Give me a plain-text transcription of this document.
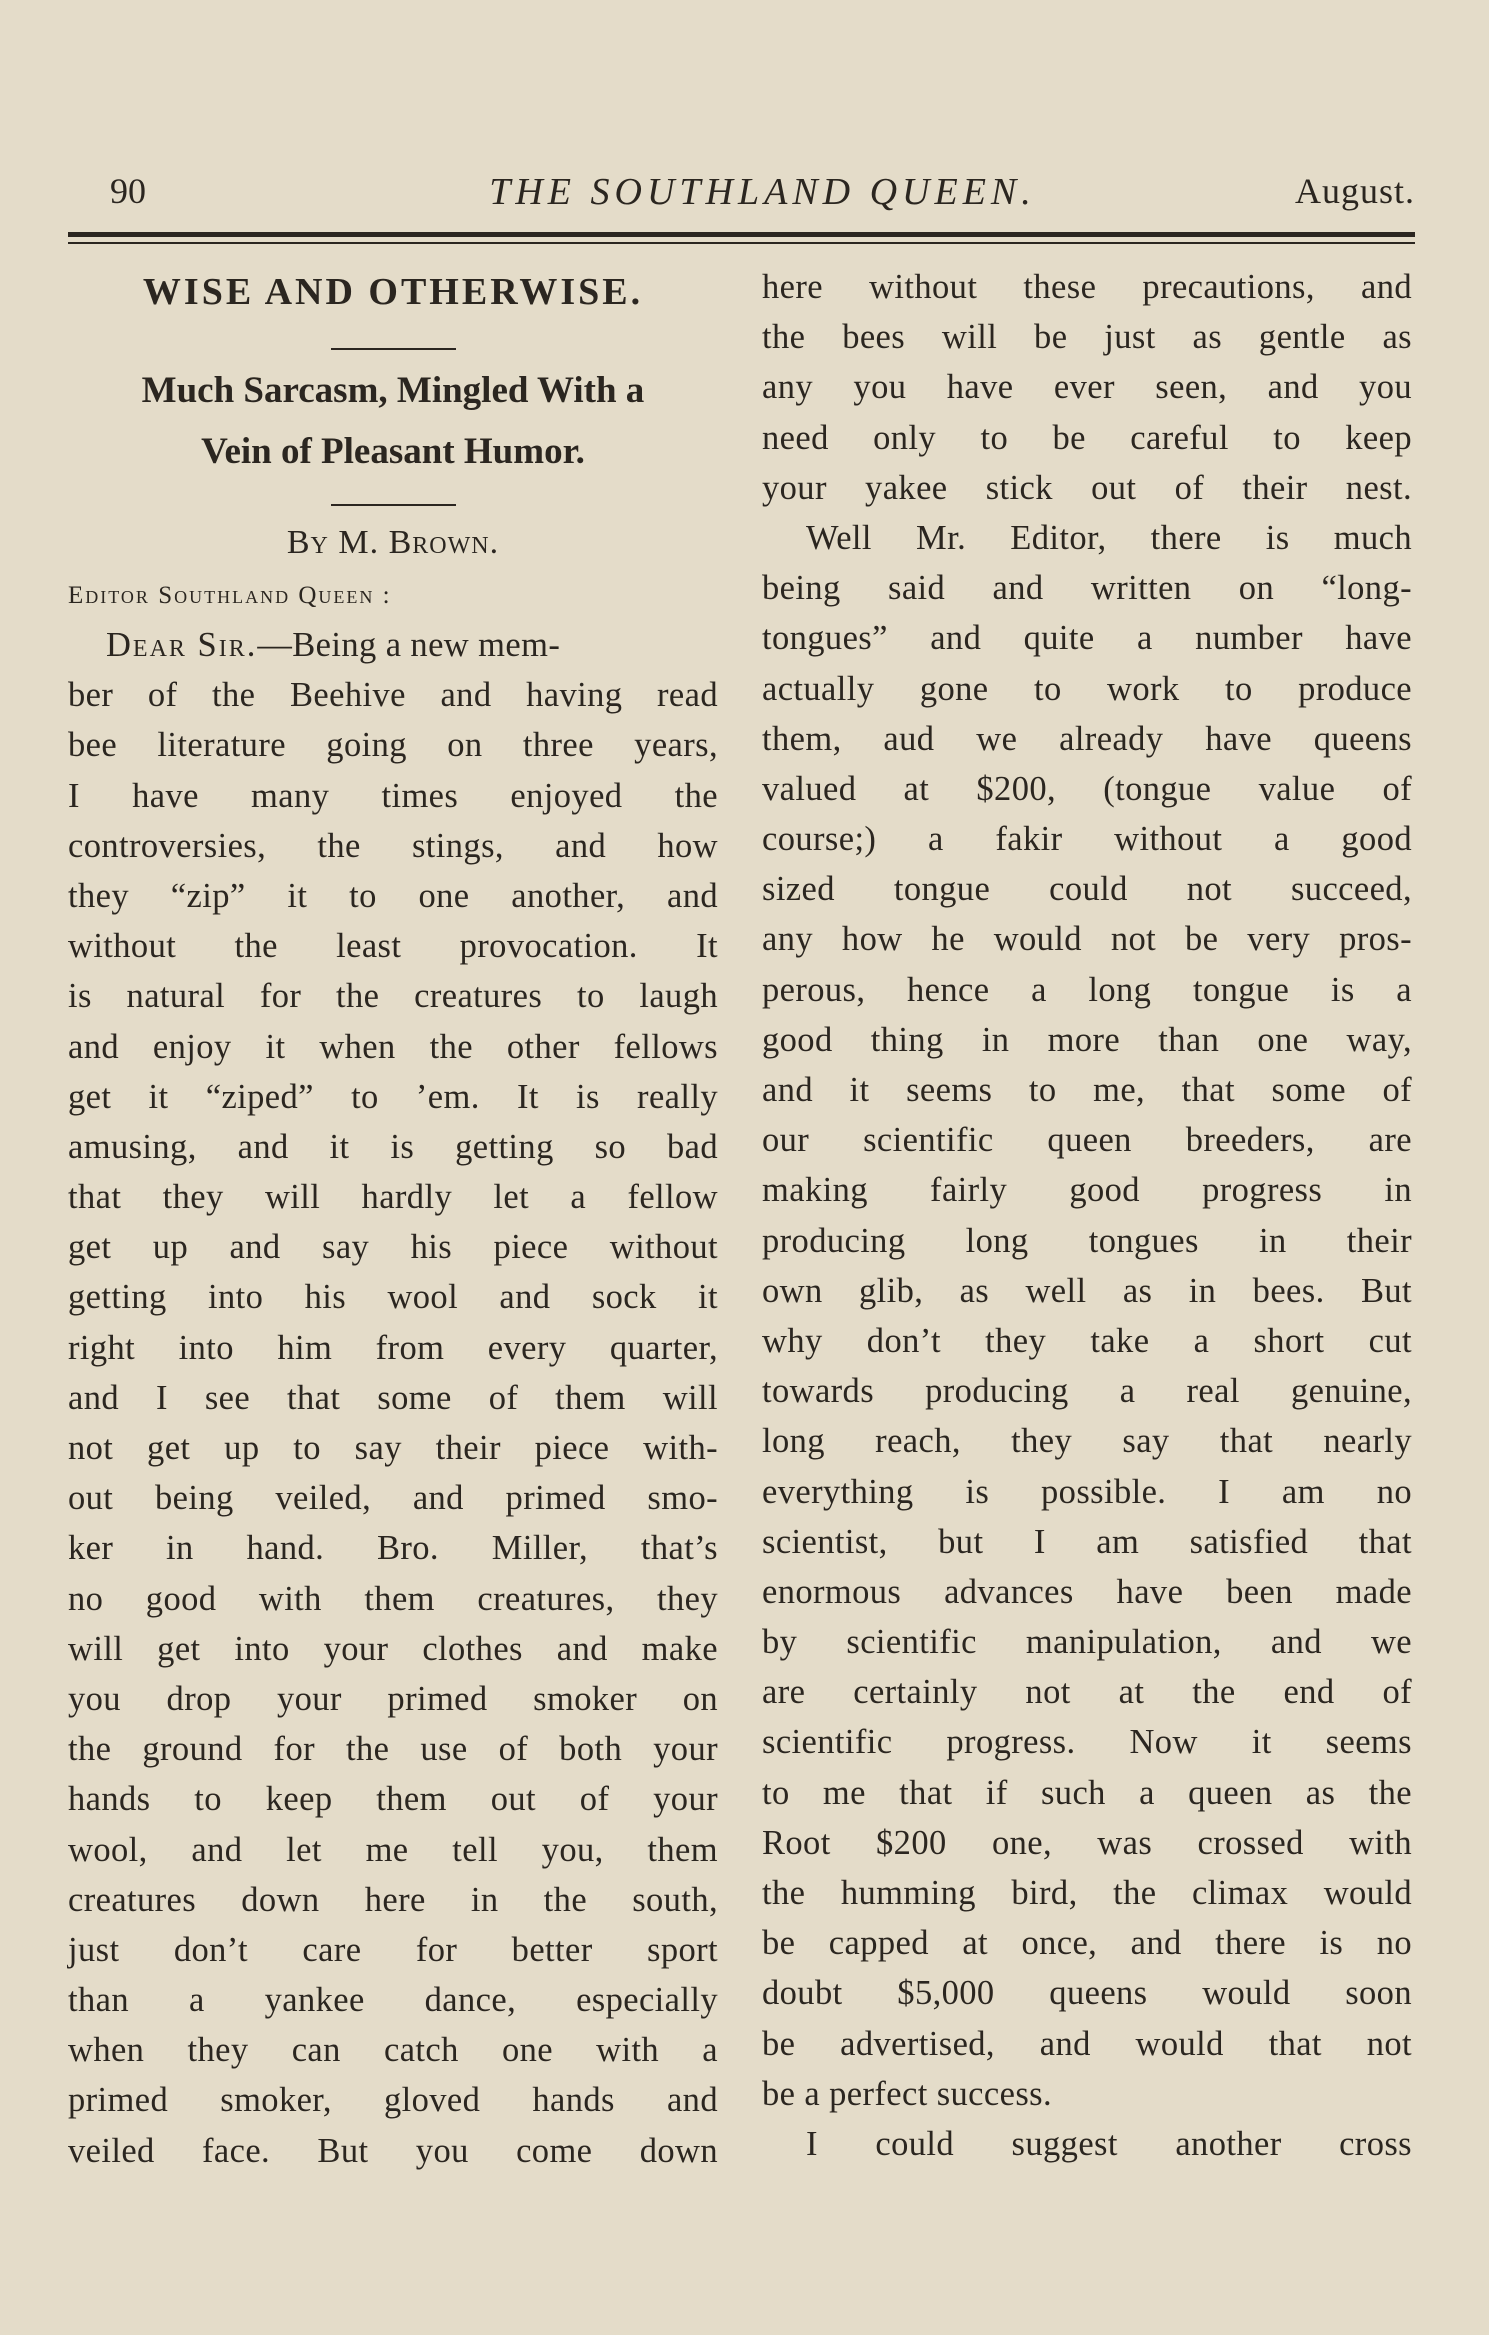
90	THE SOUTHLAND QUEEN.	August.
WISE AND OTHERWISE.
Much Sarcasm, Mingled With a
Vein of Pleasant Humor.
By M. Brown.
Editor Southland Queen :
Dear Sir.—Being a new mem-
ber of the Beehive and having read
bee literature going on three years,
I have many times enjoyed the
controversies, the stings, and how
they “zip” it to one another, and
without the least provocation. It
is natural for the creatures to laugh
and enjoy it when the other fellows
get it “ziped” to ’em. It is really
amusing, and it is getting so bad
that they will hardly let a fellow
get up and say his piece without
getting into his wool and sock it
right into him from every quarter,
and I see that some of them will
not get up to say their piece with-
out being veiled, and primed smo-
ker in hand. Bro. Miller, that’s
no good with them creatures, they
will get into your clothes and make
you drop your primed smoker on
the ground for the use of both your
hands to keep them out of your
wool, and let me tell you, them
creatures down here in the south,
just don’t care for better sport
than a yankee dance, especially
when they can catch one with a
primed smoker, gloved hands and
veiled face. But you come down
here without these precautions, and
the bees will be just as gentle as
any you have ever seen, and you
need only to be careful to keep
your yakee stick out of their nest.
Well Mr. Editor, there is much
being said and written on “long-
tongues” and quite a number have
actually gone to work to produce
them, aud we already have queens
valued at $200, (tongue value of
course;) a fakir without a good
sized tongue could not succeed,
any how he would not be very pros-
perous, hence a long tongue is a
good thing in more than one way,
and it seems to me, that some of
our scientific queen breeders, are
making fairly good progress in
producing long tongues in their
own glib, as well as in bees. But
why don’t they take a short cut
towards producing a real genuine,
long reach, they say that nearly
everything is possible. I am no
scientist, but I am satisfied that
enormous advances have been made
by scientific manipulation, and we
are certainly not at the end of
scientific progress. Now it seems
to me that if such a queen as the
Root $200 one, was crossed with
the humming bird, the climax would
be capped at once, and there is no
doubt $5,000 queens would soon
be advertised, and would that not
be a perfect success.
I could suggest another cross
